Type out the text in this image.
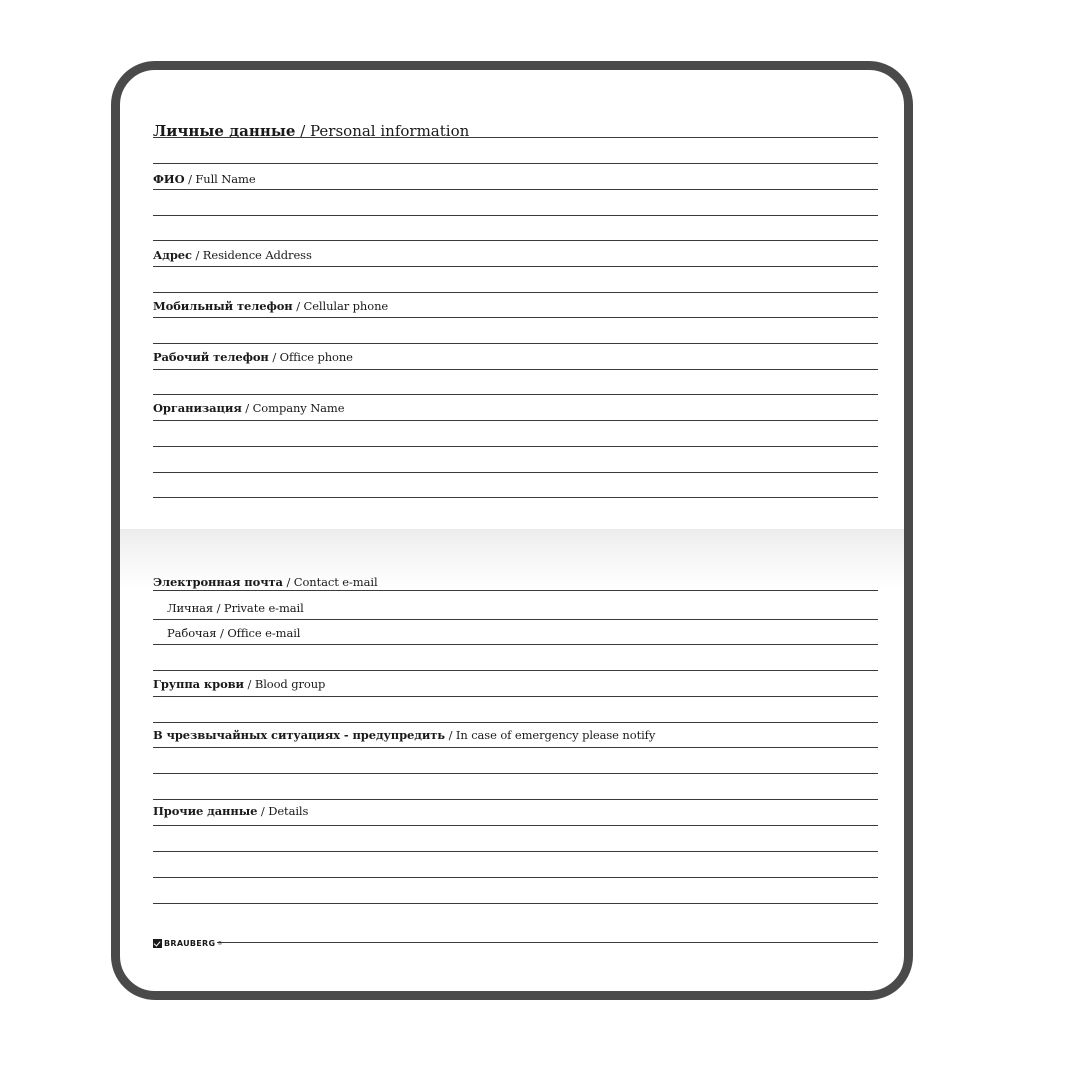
Личные данные / Personal information
ФИО / Full Name
Адрес / Residence Address
Мобильный телефон / Cellular phone
Рабочий телефон / Office phone
Организация / Company Name
Электронная почта / Contact e-mail
Личная / Private e-mail
Рабочая / Office e-mail
Группа крови / Blood group
В чрезвычайных ситуациях - предупредить / In case of emergency please notify
Прочие данные / Details
BRAUBERG ®
